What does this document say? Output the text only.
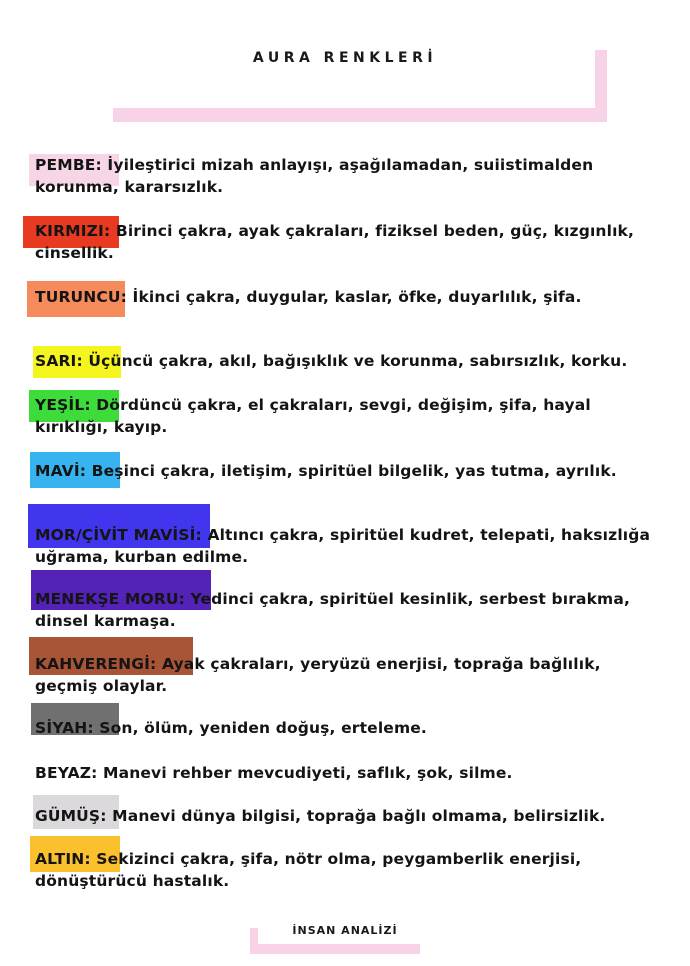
AURA RENKLERİ
PEMBE: İyileştirici mizah anlayışı, aşağılamadan, suiistimalden korunma, kararsızlık.
KIRMIZI: Birinci çakra, ayak çakraları, fiziksel beden, güç, kızgınlık, cinsellik.
TURUNCU: İkinci çakra, duygular, kaslar, öfke, duyarlılık, şifa.
SARI: Üçüncü çakra, akıl, bağışıklık ve korunma, sabırsızlık, korku.
YEŞİL: Dördüncü çakra, el çakraları, sevgi, değişim, şifa, hayal kırıklığı, kayıp.
MAVİ: Beşinci çakra, iletişim, spiritüel bilgelik, yas tutma, ayrılık.
MOR/ÇİVİT MAVİSİ: Altıncı çakra, spiritüel kudret, telepati, haksızlığa uğrama, kurban edilme.
MENEKŞE MORU: Yedinci çakra, spiritüel kesinlik, serbest bırakma, dinsel karmaşa.
KAHVERENGİ: Ayak çakraları, yeryüzü enerjisi, toprağa bağlılık, geçmiş olaylar.
SİYAH: Son, ölüm, yeniden doğuş, erteleme.
BEYAZ: Manevi rehber mevcudiyeti, saflık, şok, silme.
GÜMÜŞ: Manevi dünya bilgisi, toprağa bağlı olmama, belirsizlik.
ALTIN: Sekizinci çakra, şifa, nötr olma, peygamberlik enerjisi, dönüştürücü hastalık.
İNSAN ANALİZİ
